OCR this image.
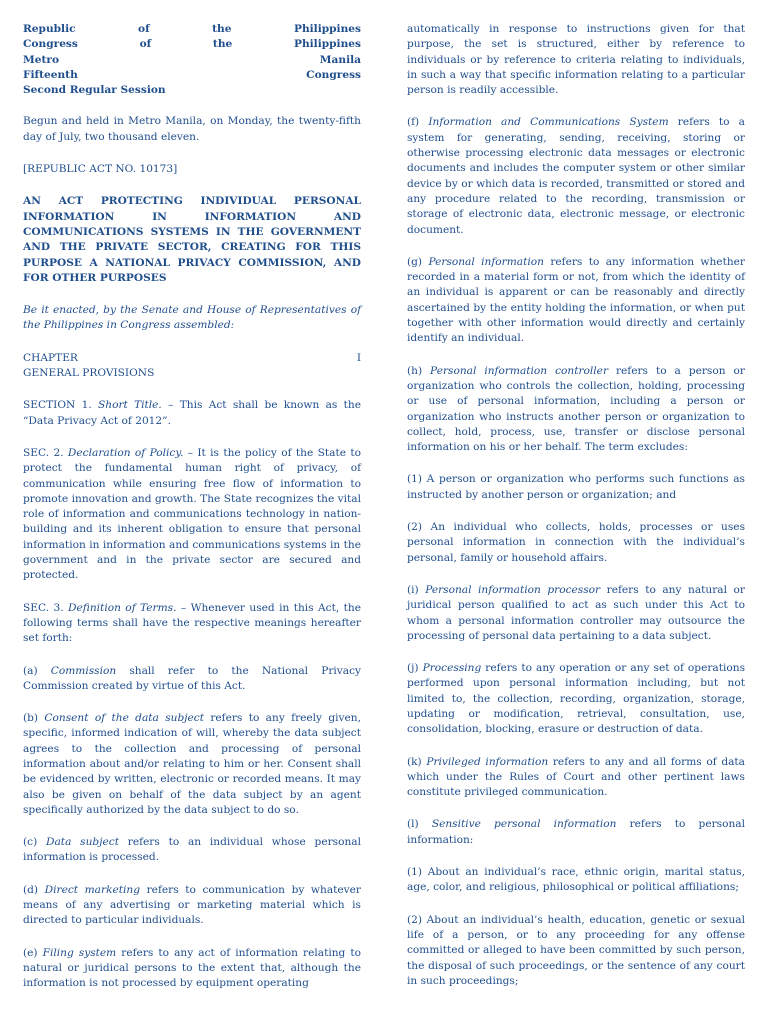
Republic	of	the	Philippines
Congress	of	the	Philippines
Metro	Manila
Fifteenth	Congress
Second Regular Session

Begun and held in Metro Manila, on Monday, the twenty-fifth day of July, two thousand eleven.

[REPUBLIC ACT NO. 10173]

AN ACT PROTECTING INDIVIDUAL PERSONAL INFORMATION IN INFORMATION AND COMMUNICATIONS SYSTEMS IN THE GOVERNMENT AND THE PRIVATE SECTOR, CREATING FOR THIS PURPOSE A NATIONAL PRIVACY COMMISSION, AND FOR OTHER PURPOSES

Be it enacted, by the Senate and House of Representatives of the Philippines in Congress assembled:

CHAPTER	I
GENERAL PROVISIONS

SECTION 1. Short Title. – This Act shall be known as the “Data Privacy Act of 2012”.

SEC. 2. Declaration of Policy. – It is the policy of the State to protect the fundamental human right of privacy, of communication while ensuring free flow of information to promote innovation and growth. The State recognizes the vital role of information and communications technology in nation-building and its inherent obligation to ensure that personal information in information and communications systems in the government and in the private sector are secured and protected.

SEC. 3. Definition of Terms. – Whenever used in this Act, the following terms shall have the respective meanings hereafter set forth:

(a) Commission shall refer to the National Privacy Commission created by virtue of this Act.

(b) Consent of the data subject refers to any freely given, specific, informed indication of will, whereby the data subject agrees to the collection and processing of personal information about and/or relating to him or her. Consent shall be evidenced by written, electronic or recorded means. It may also be given on behalf of the data subject by an agent specifically authorized by the data subject to do so.

(c) Data subject refers to an individual whose personal information is processed.

(d) Direct marketing refers to communication by whatever means of any advertising or marketing material which is directed to particular individuals.

(e) Filing system refers to any act of information relating to natural or juridical persons to the extent that, although the information is not processed by equipment operating

automatically in response to instructions given for that purpose, the set is structured, either by reference to individuals or by reference to criteria relating to individuals, in such a way that specific information relating to a particular person is readily accessible.

(f) Information and Communications System refers to a system for generating, sending, receiving, storing or otherwise processing electronic data messages or electronic documents and includes the computer system or other similar device by or which data is recorded, transmitted or stored and any procedure related to the recording, transmission or storage of electronic data, electronic message, or electronic document.

(g) Personal information refers to any information whether recorded in a material form or not, from which the identity of an individual is apparent or can be reasonably and directly ascertained by the entity holding the information, or when put together with other information would directly and certainly identify an individual.

(h) Personal information controller refers to a person or organization who controls the collection, holding, processing or use of personal information, including a person or organization who instructs another person or organization to collect, hold, process, use, transfer or disclose personal information on his or her behalf. The term excludes:

(1) A person or organization who performs such functions as instructed by another person or organization; and

(2) An individual who collects, holds, processes or uses personal information in connection with the individual’s personal, family or household affairs.

(i) Personal information processor refers to any natural or juridical person qualified to act as such under this Act to whom a personal information controller may outsource the processing of personal data pertaining to a data subject.

(j) Processing refers to any operation or any set of operations performed upon personal information including, but not limited to, the collection, recording, organization, storage, updating or modification, retrieval, consultation, use, consolidation, blocking, erasure or destruction of data.

(k) Privileged information refers to any and all forms of data which under the Rules of Court and other pertinent laws constitute privileged communication.

(l) Sensitive personal information refers to personal information:

(1) About an individual’s race, ethnic origin, marital status, age, color, and religious, philosophical or political affiliations;

(2) About an individual’s health, education, genetic or sexual life of a person, or to any proceeding for any offense committed or alleged to have been committed by such person, the disposal of such proceedings, or the sentence of any court in such proceedings;
